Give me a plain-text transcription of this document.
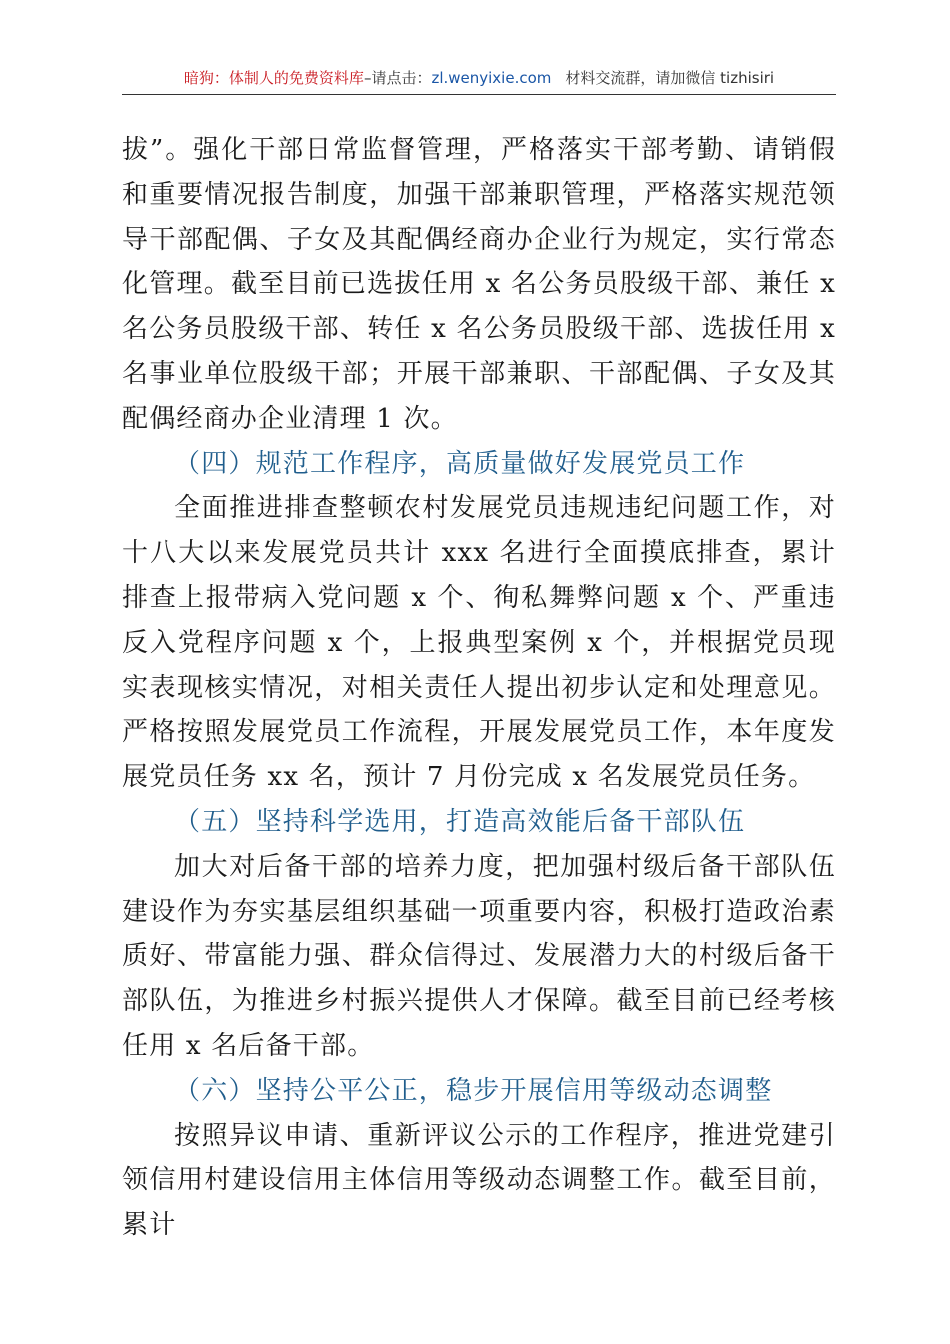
暗狗：体制人的免费资料库–请点击：zl.wenyixie.com 材料交流群，请加微信 tizhisiri

拔”。强化干部日常监督管理，严格落实干部考勤、请销假和重要情况报告制度，加强干部兼职管理，严格落实规范领导干部配偶、子女及其配偶经商办企业行为规定，实行常态化管理。截至目前已选拔任用 x 名公务员股级干部、兼任 x 名公务员股级干部、转任 x 名公务员股级干部、选拔任用 x 名事业单位股级干部；开展干部兼职、干部配偶、子女及其配偶经商办企业清理 1 次。

（四）规范工作程序，高质量做好发展党员工作

全面推进排查整顿农村发展党员违规违纪问题工作，对十八大以来发展党员共计 xxx 名进行全面摸底排查，累计排查上报带病入党问题 x 个、徇私舞弊问题 x 个、严重违反入党程序问题 x 个，上报典型案例 x 个，并根据党员现实表现核实情况，对相关责任人提出初步认定和处理意见。严格按照发展党员工作流程，开展发展党员工作，本年度发展党员任务 xx 名，预计 7 月份完成 x 名发展党员任务。

（五）坚持科学选用，打造高效能后备干部队伍

加大对后备干部的培养力度，把加强村级后备干部队伍建设作为夯实基层组织基础一项重要内容，积极打造政治素质好、带富能力强、群众信得过、发展潜力大的村级后备干部队伍，为推进乡村振兴提供人才保障。截至目前已经考核任用 x 名后备干部。

（六）坚持公平公正，稳步开展信用等级动态调整

按照异议申请、重新评议公示的工作程序，推进党建引领信用村建设信用主体信用等级动态调整工作。截至目前，累计
